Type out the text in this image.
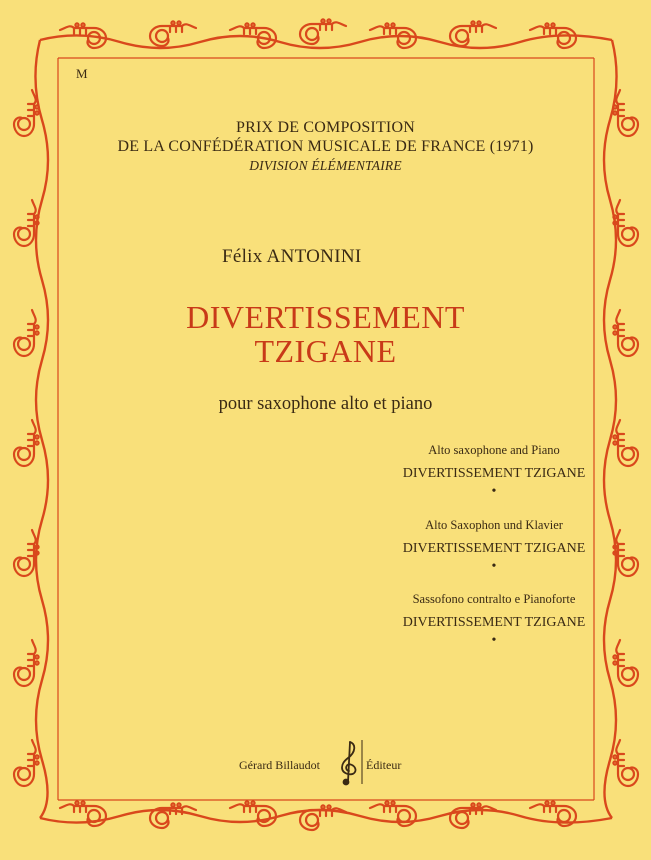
M
PRIX DE COMPOSITION
DE LA CONFÉDÉRATION MUSICALE DE FRANCE (1971)
DIVISION ÉLÉMENTAIRE
Félix ANTONINI
DIVERTISSEMENT
TZIGANE
pour saxophone alto et piano
Alto saxophone and Piano
DIVERTISSEMENT TZIGANE
•
Alto Saxophon und Klavier
DIVERTISSEMENT TZIGANE
•
Sassofono contralto e Pianoforte
DIVERTISSEMENT TZIGANE
•
Gérard Billaudot	Éditeur
